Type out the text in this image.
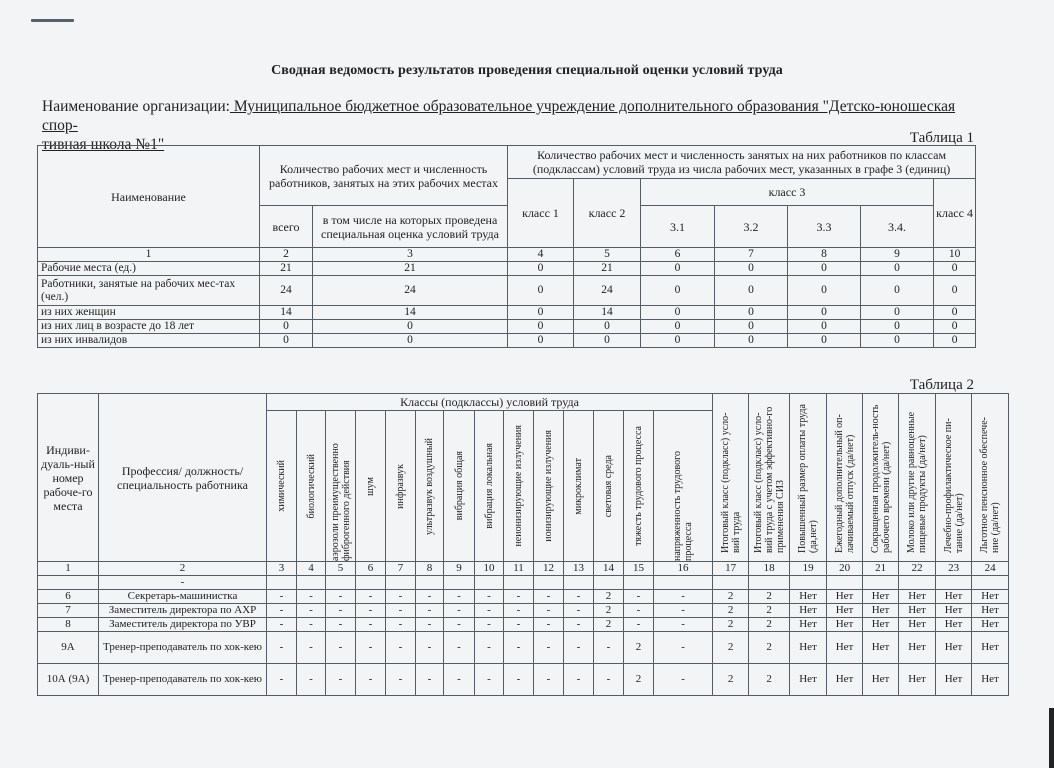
Сводная ведомость результатов проведения специальной оценки условий труда
Наименование организации: Муниципальное бюджетное образовательное учреждение дополнительного образования "Детско-юношеская спор-
тивная школа №1"	Таблица 1
Наименование	Количество рабочих мест и численность работников, занятых на этих рабочих местах		Количество рабочих мест и численность занятых на них работников по классам (подклассам) условий труда из числа рабочих мест, указанных в графе 3 (единиц)						
			класс 1	класс 2	класс 3				класс 4
	всего	в том числе на которых проведена специальная оценка условий труда			3.1	3.2	3.3	3.4.	
1	2	3	4	5	6	7	8	9	10
Рабочие места (ед.)	21	21	0	21	0	0	0	0	0
Работники, занятые на рабочих мес-тах (чел.)	24	24	0	24	0	0	0	0	0
из них женщин	14	14	0	14	0	0	0	0	0
из них лиц в возрасте до 18 лет	0	0	0	0	0	0	0	0	0
из них инвалидов	0	0	0	0	0	0	0	0	0
Таблица 2
Индиви-дуаль-ный номер рабоче-го места	Профессия/ должность/ специальность работника	Классы (подклассы) условий труда														Итоговый класс (подкласс) усло-вий труда	Итоговый класс (подкласс) усло-вий труда с учетом эффективно-го применения СИЗ	Повышенный размер оплаты труда (да,нет)	Ежегодный дополнительный оп-лачиваемый отпуск (да/нет)	Сокращенная продолжитель-ность рабочего времени (да/нет)	Молоко или другие равноценные пищевые продукты (да/нет)	Лечебно-профилактическое пи-тание (да/нет)	Льготное пенсионное обеспече-ние (да/нет)

		химический	биологический	аэрозоли преимущественно фиброгенного действия	шум	инфразвук	ультразвук воздушный	вибрация общая	вибрация локальная	неионизирующие излучения	ионизирующие излучения	микроклимат	световая среда	тяжесть трудового процесса	напряженность трудового процесса								

1	2	3	4	5	6	7	8	9	10	11	12	13	14	15	16	17	18	19	20	21	22	23	24
	-																						
6	Секретарь-машинистка	-	-	-	-	-	-	-	-	-	-	-	2	-	-	2	2	Нет	Нет	Нет	Нет	Нет	Нет
7	Заместитель директора по АХР	-	-	-	-	-	-	-	-	-	-	-	2	-	-	2	2	Нет	Нет	Нет	Нет	Нет	Нет
8	Заместитель директора по УВР	-	-	-	-	-	-	-	-	-	-	-	2	-	-	2	2	Нет	Нет	Нет	Нет	Нет	Нет
9А	Тренер-преподаватель по хок-кею	-	-	-	-	-	-	-	-	-	-	-	-	2	-	2	2	Нет	Нет	Нет	Нет	Нет	Нет
10А (9А)	Тренер-преподаватель по хок-кею	-	-	-	-	-	-	-	-	-	-	-	-	2	-	2	2	Нет	Нет	Нет	Нет	Нет	Нет
